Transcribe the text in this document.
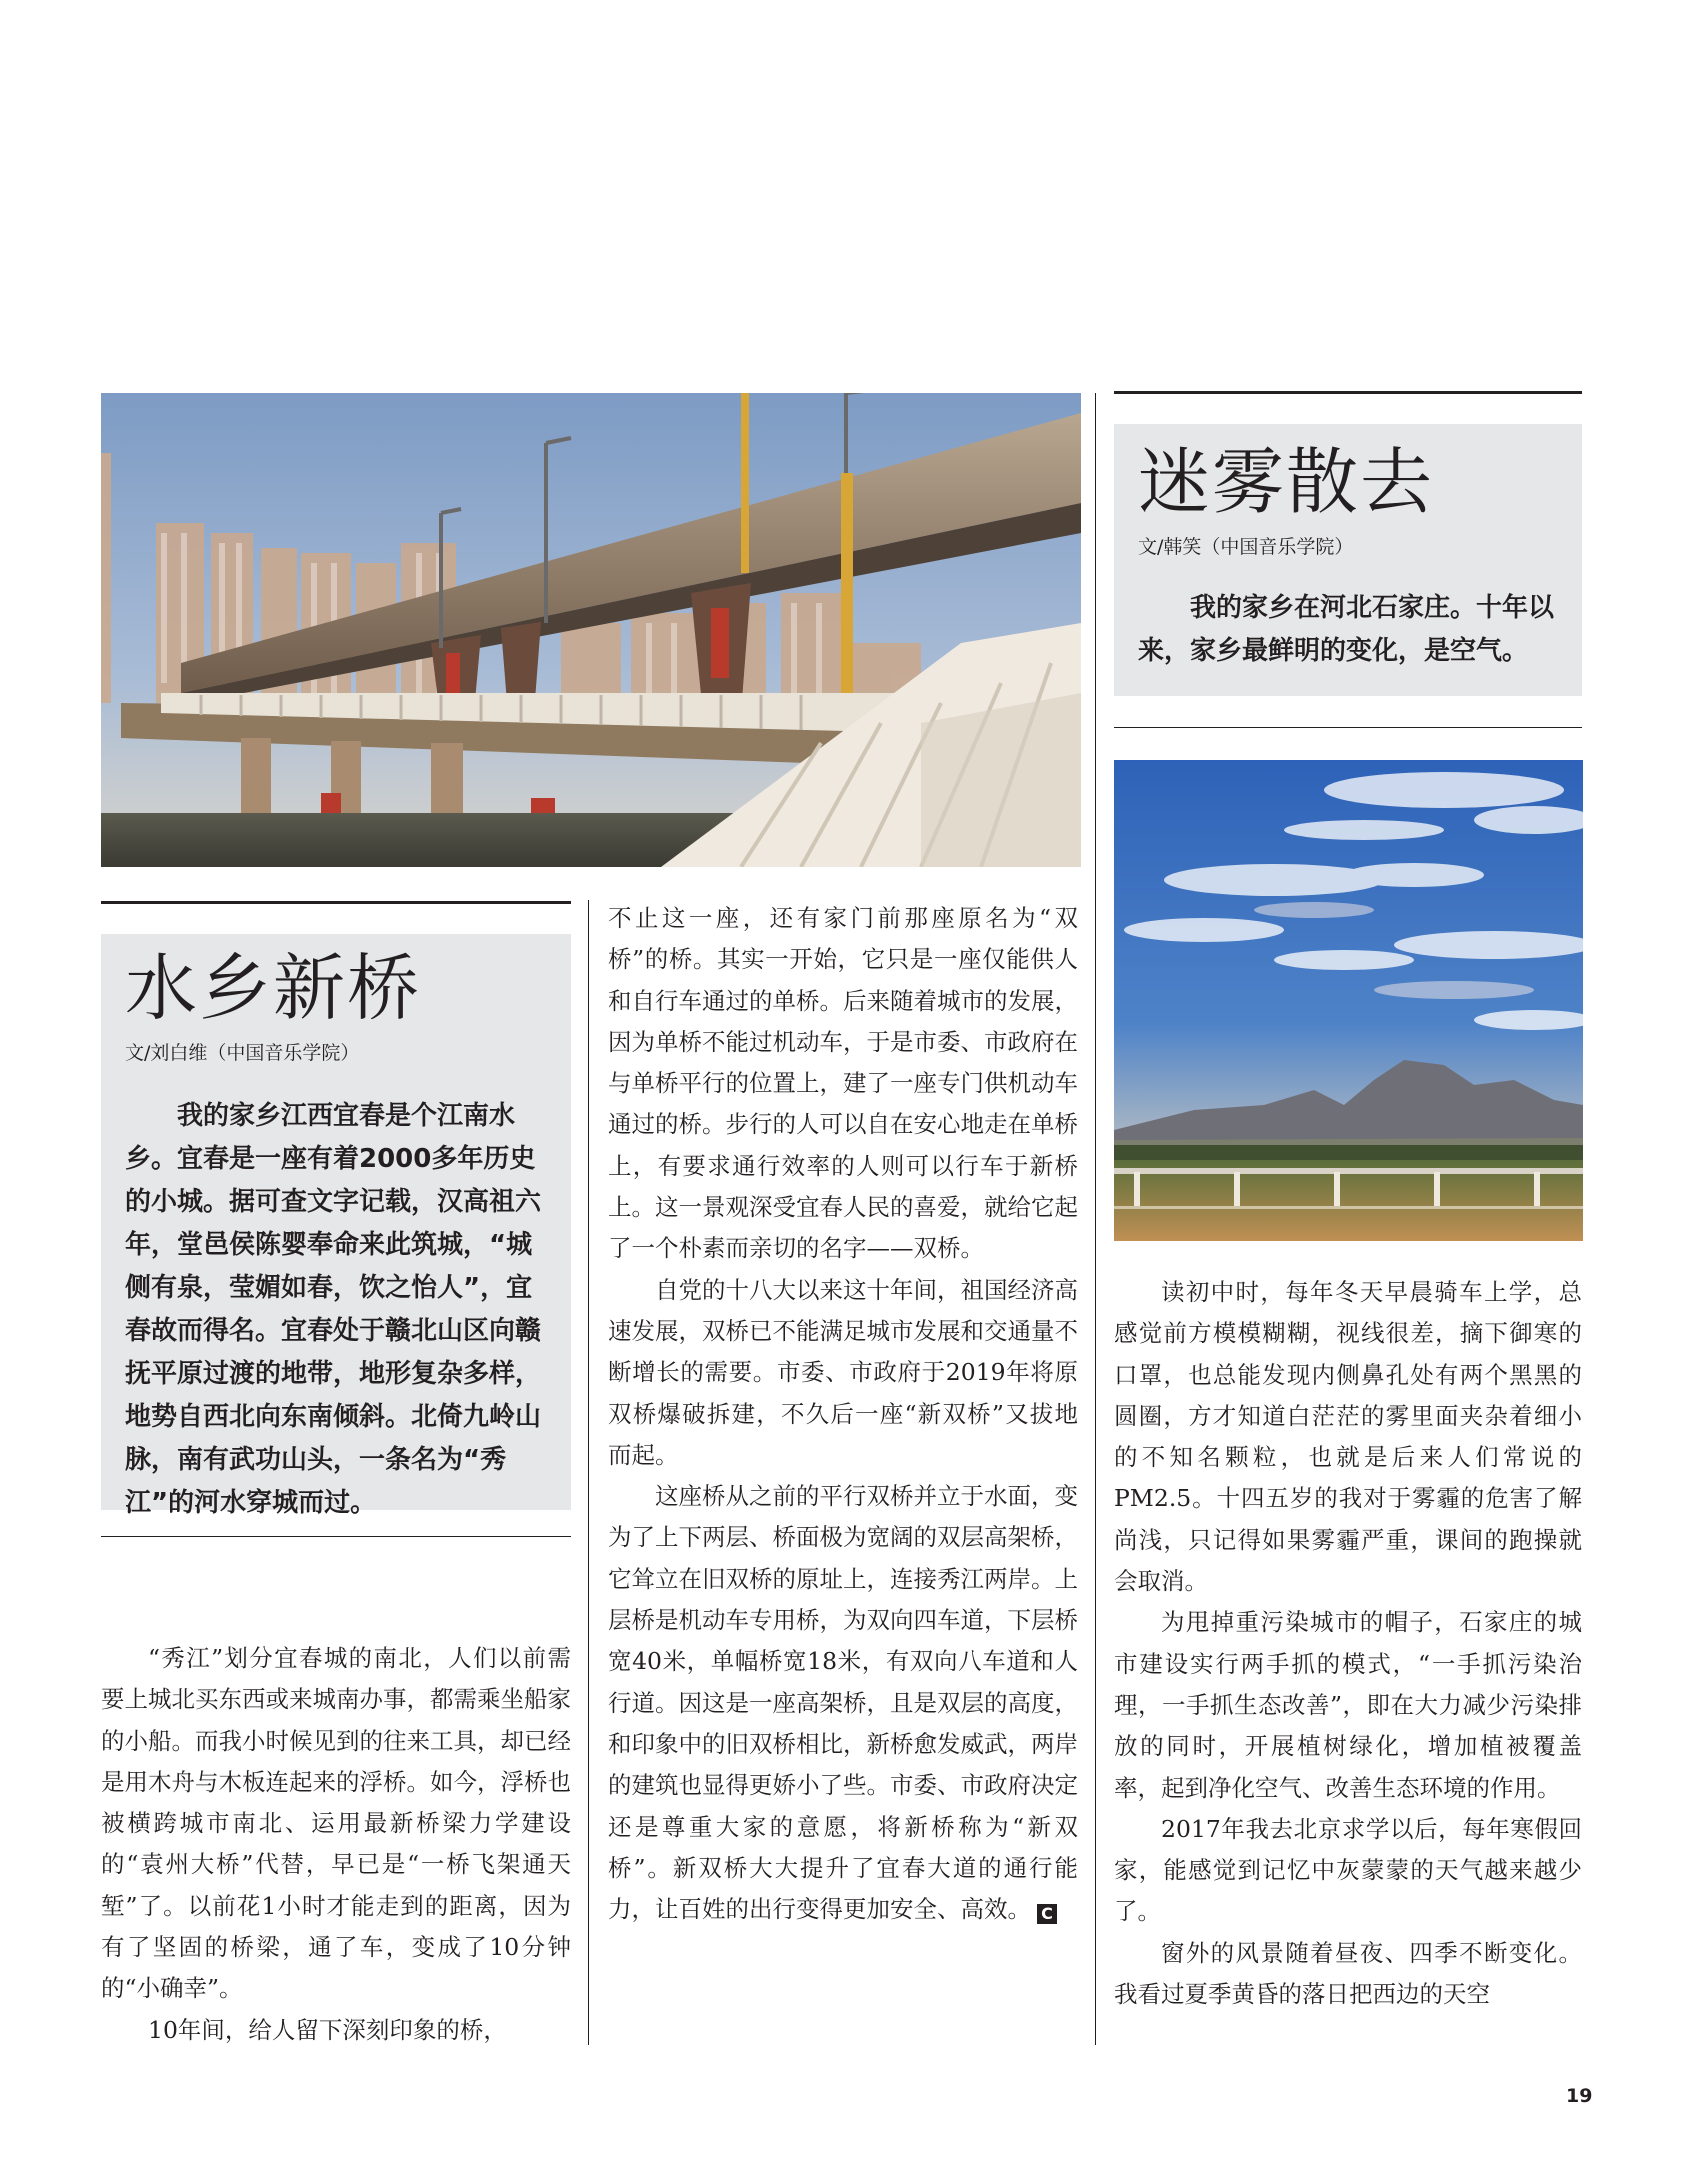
迷雾散去
文/韩笑（中国音乐学院）
我的家乡在河北石家庄。十年以来，家乡最鲜明的变化，是空气。
水乡新桥
文/刘白维（中国音乐学院）
我的家乡江西宜春是个江南水乡。宜春是一座有着2000多年历史的小城。据可查文字记载，汉高祖六年，堂邑侯陈婴奉命来此筑城，“城侧有泉，莹媚如春，饮之怡人”，宜春故而得名。宜春处于赣北山区向赣抚平原过渡的地带，地形复杂多样，地势自西北向东南倾斜。北倚九岭山脉，南有武功山头，一条名为“秀江”的河水穿城而过。

“秀江”划分宜春城的南北，人们以前需要上城北买东西或来城南办事，都需乘坐船家的小船。而我小时候见到的往来工具，却已经是用木舟与木板连起来的浮桥。如今，浮桥也被横跨城市南北、运用最新桥梁力学建设的“袁州大桥”代替，早已是“一桥飞架通天堑”了。以前花1小时才能走到的距离，因为有了坚固的桥梁，通了车，变成了10分钟的“小确幸”。

10年间，给人留下深刻印象的桥，

不止这一座，还有家门前那座原名为“双桥”的桥。其实一开始，它只是一座仅能供人和自行车通过的单桥。后来随着城市的发展，因为单桥不能过机动车，于是市委、市政府在与单桥平行的位置上，建了一座专门供机动车通过的桥。步行的人可以自在安心地走在单桥上，有要求通行效率的人则可以行车于新桥上。这一景观深受宜春人民的喜爱，就给它起了一个朴素而亲切的名字——双桥。

自党的十八大以来这十年间，祖国经济高速发展，双桥已不能满足城市发展和交通量不断增长的需要。市委、市政府于2019年将原双桥爆破拆建，不久后一座“新双桥”又拔地而起。

这座桥从之前的平行双桥并立于水面，变为了上下两层、桥面极为宽阔的双层高架桥，它耸立在旧双桥的原址上，连接秀江两岸。上层桥是机动车专用桥，为双向四车道，下层桥宽40米，单幅桥宽18米，有双向八车道和人行道。因这是一座高架桥，且是双层的高度，和印象中的旧双桥相比，新桥愈发威武，两岸的建筑也显得更娇小了些。市委、市政府决定还是尊重大家的意愿，将新桥称为“新双桥”。新双桥大大提升了宜春大道的通行能力，让百姓的出行变得更加安全、高效。 C

读初中时，每年冬天早晨骑车上学，总感觉前方模模糊糊，视线很差，摘下御寒的口罩，也总能发现内侧鼻孔处有两个黑黑的圆圈，方才知道白茫茫的雾里面夹杂着细小的不知名颗粒，也就是后来人们常说的PM2.5。十四五岁的我对于雾霾的危害了解尚浅，只记得如果雾霾严重，课间的跑操就会取消。

为甩掉重污染城市的帽子，石家庄的城市建设实行两手抓的模式，“一手抓污染治理，一手抓生态改善”，即在大力减少污染排放的同时，开展植树绿化，增加植被覆盖率，起到净化空气、改善生态环境的作用。

2017年我去北京求学以后，每年寒假回家，能感觉到记忆中灰蒙蒙的天气越来越少了。

窗外的风景随着昼夜、四季不断变化。我看过夏季黄昏的落日把西边的天空

19
